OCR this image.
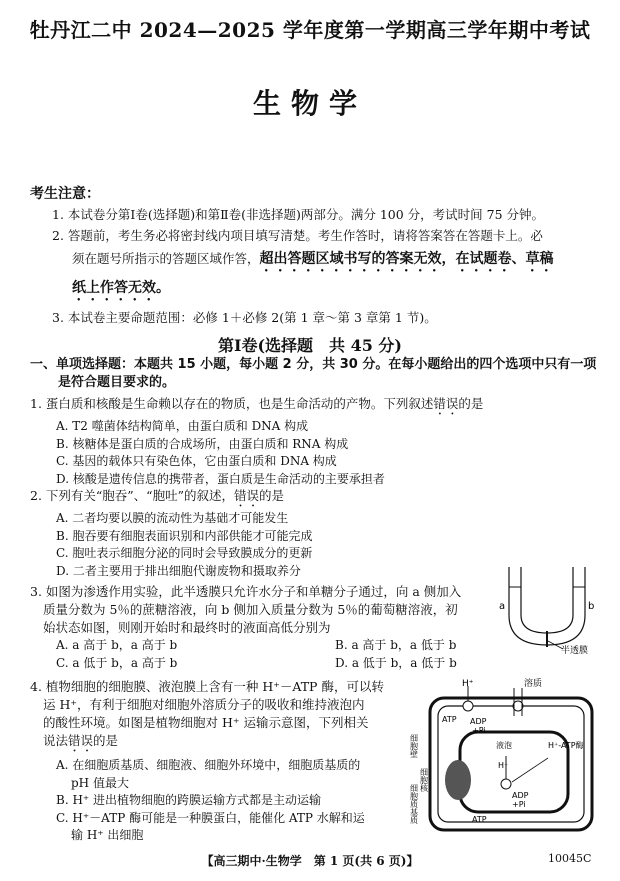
牡丹江二中 2024—2025 学年度第一学期高三学年期中考试
生物学
考生注意：
1. 本试卷分第Ⅰ卷(选择题)和第Ⅱ卷(非选择题)两部分。满分 100 分，考试时间 75 分钟。
2. 答题前，考生务必将密封线内项目填写清楚。考生作答时，请将答案答在答题卡上。必
须在题号所指示的答题区域作答，超出答题区域书写的答案无效，在试题卷、草稿
纸上作答无效。
3. 本试卷主要命题范围：必修 1＋必修 2(第 1 章～第 3 章第 1 节)。
第Ⅰ卷(选择题　共 45 分)
一、单项选择题：本题共 15 小题，每小题 2 分，共 30 分。在每小题给出的四个选项中只有一项
是符合题目要求的。
1. 蛋白质和核酸是生命赖以存在的物质，也是生命活动的产物。下列叙述错误的是
A. T2 噬菌体结构简单，由蛋白质和 DNA 构成
B. 核糖体是蛋白质的合成场所，由蛋白质和 RNA 构成
C. 基因的载体只有染色体，它由蛋白质和 DNA 构成
D. 核酸是遗传信息的携带者，蛋白质是生命活动的主要承担者
2. 下列有关“胞吞”、“胞吐”的叙述，错误的是
A. 二者均要以膜的流动性为基础才可能发生
B. 胞吞要有细胞表面识别和内部供能才可能完成
C. 胞吐表示细胞分泌的同时会导致膜成分的更新
D. 二者主要用于排出细胞代谢废物和摄取养分
3. 如图为渗透作用实验，此半透膜只允许水分子和单糖分子通过，向 a 侧加入
质量分数为 5％的蔗糖溶液，向 b 侧加入质量分数为 5％的葡萄糖溶液，初
始状态如图，则刚开始时和最终时的液面高低分别为
A. a 高于 b，a 高于 b	B. a 高于 b，a 低于 b
C. a 低于 b，a 高于 b	D. a 低于 b，a 低于 b
a	b
半透膜
4. 植物细胞的细胞膜、液泡膜上含有一种 H⁺－ATP 酶，可以转
运 H⁺，有利于细胞对细胞外溶质分子的吸收和维持液泡内
的酸性环境。如图是植物细胞对 H⁺ 运输示意图，下列相关
说法错误的是
A. 在细胞质基质、细胞液、细胞外环境中，细胞质基质的
pH 值最大
B. H⁺ 进出植物细胞的跨膜运输方式都是主动运输
C. H⁺－ATP 酶可能是一种膜蛋白，能催化 ATP 水解和运
输 H⁺ 出细胞
H⁺	溶质
ATP ADP
+Pi
液泡
H⁺
H⁺-ATP酶
ATP
ADP
+Pi
细胞壁
细胞核
细胞质基质
【高三期中·生物学　第 1 页(共 6 页)】	10045C
